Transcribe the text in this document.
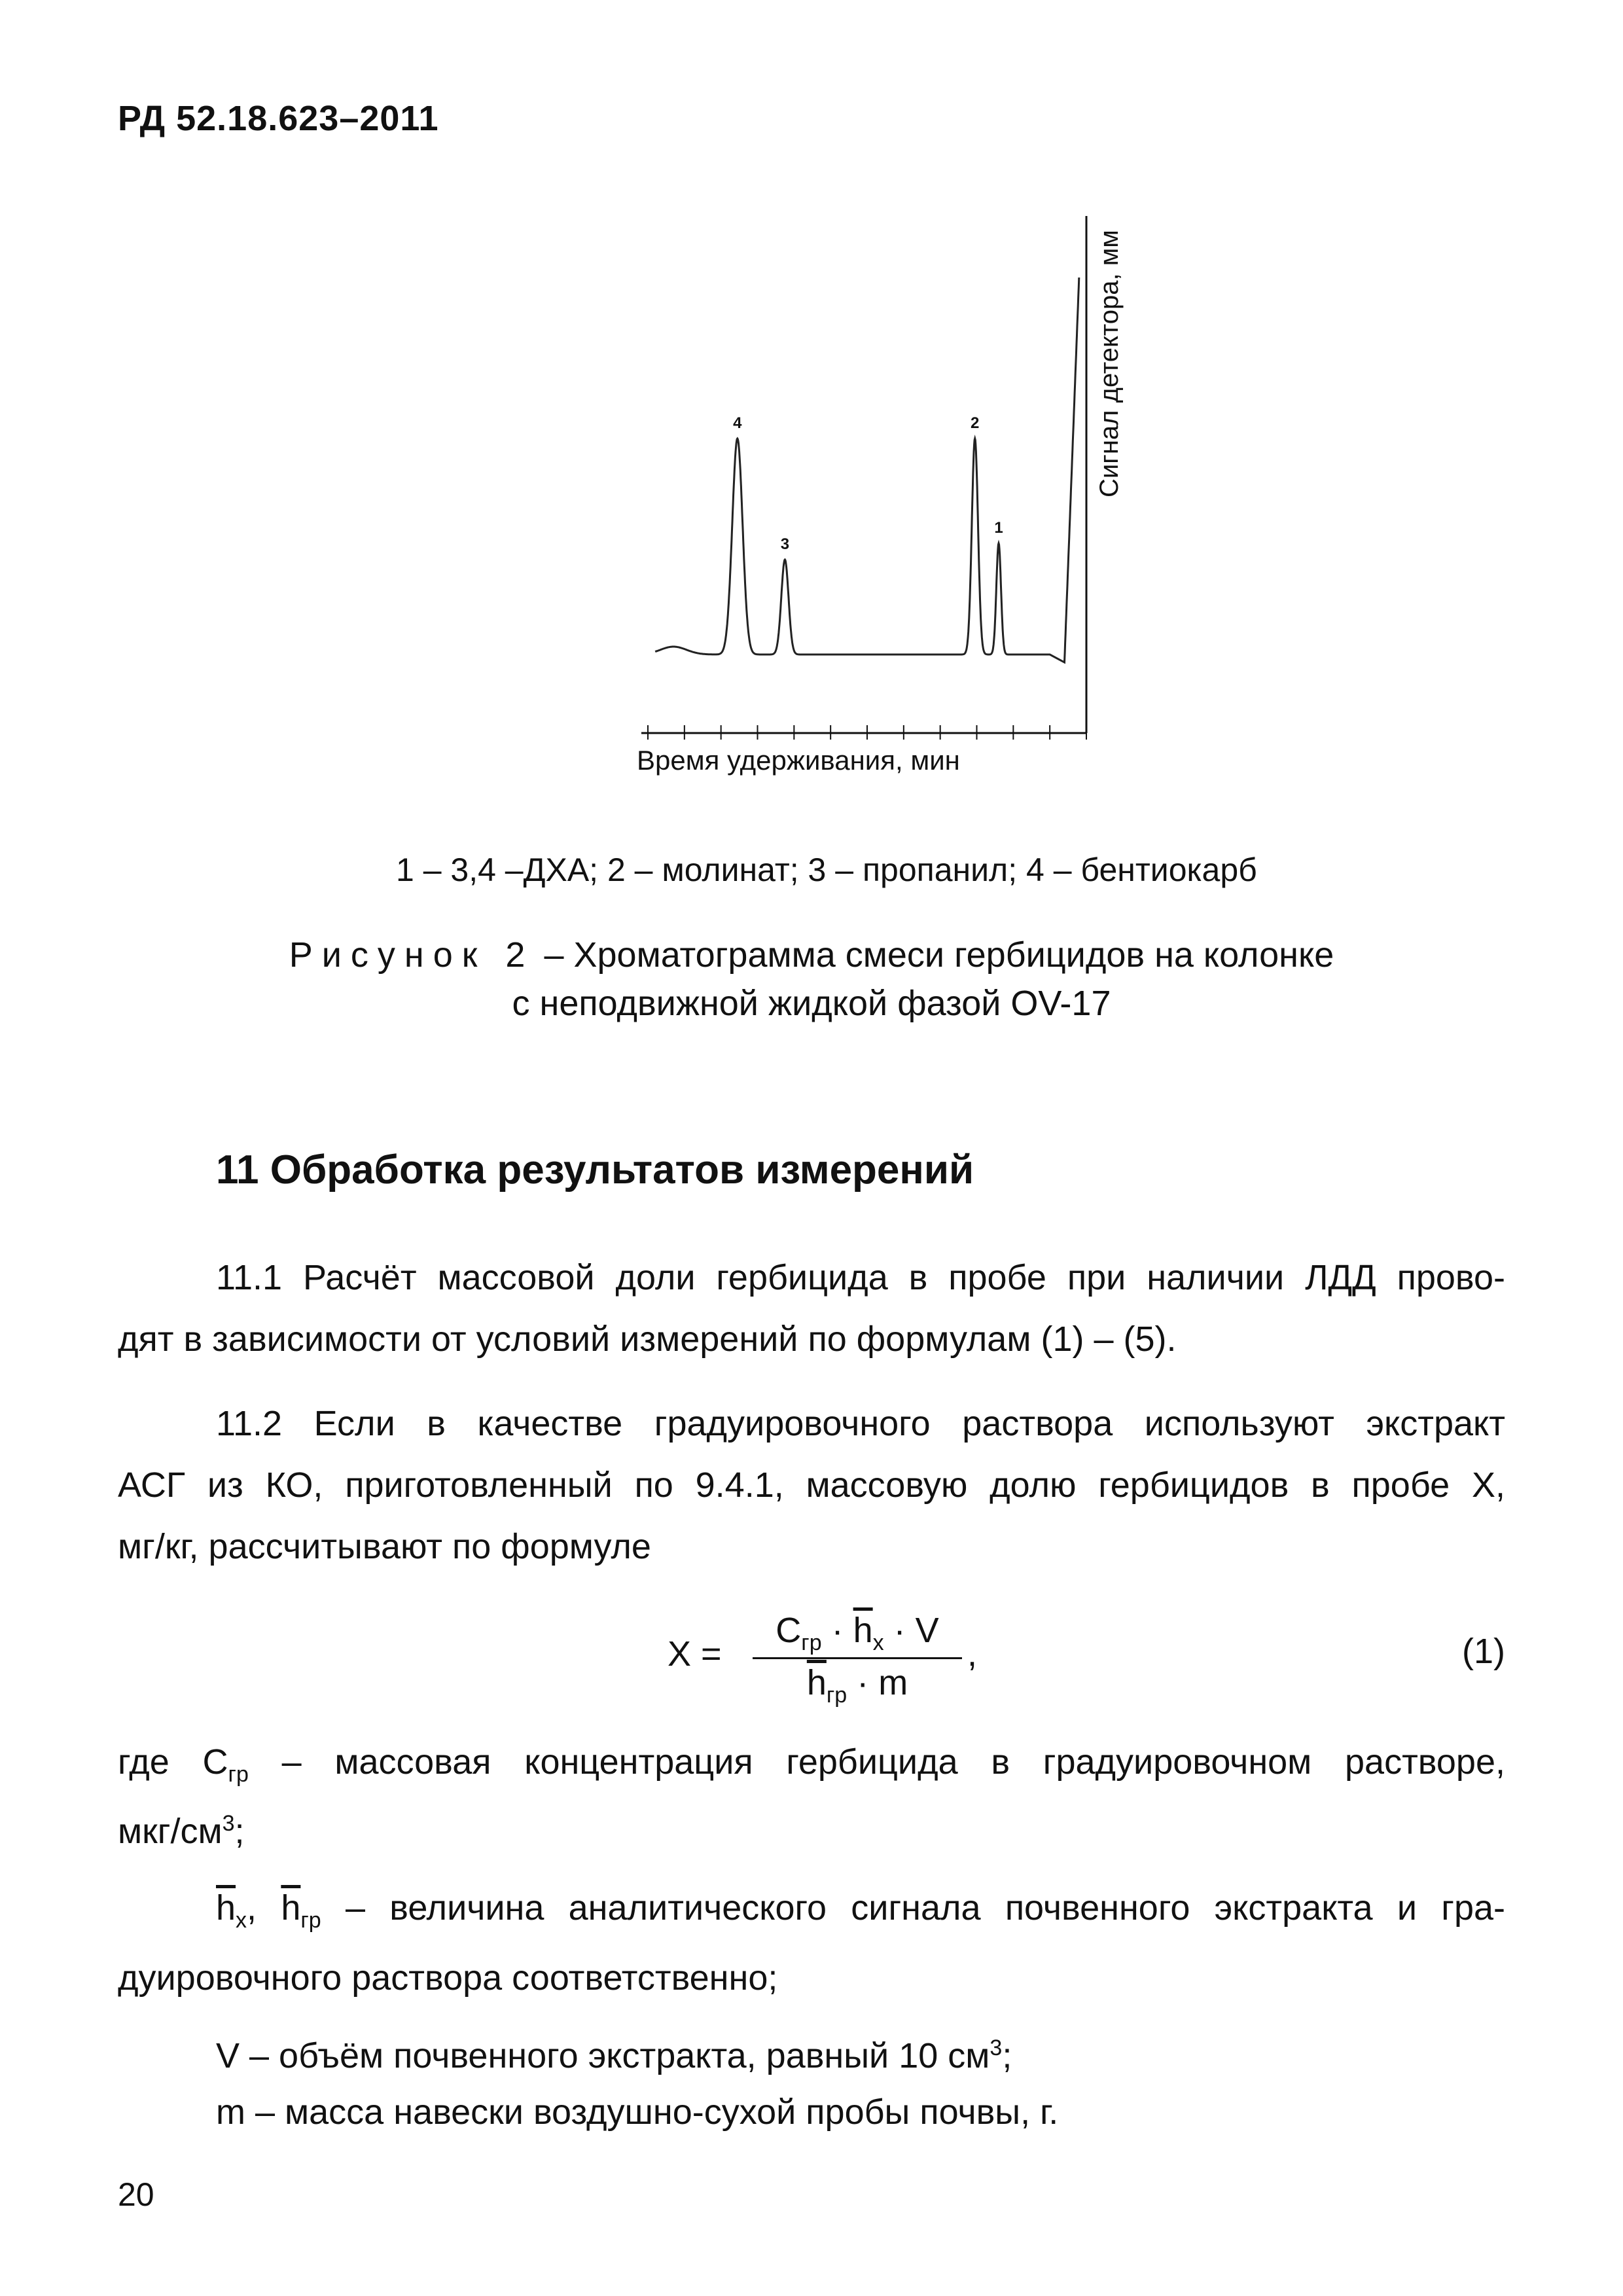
РД 52.18.623–2011
1
2
3
4	Сигнал детектора, мм
Время удерживания, мин
1 – 3,4 –ДХА; 2 – молинат; 3 – пропанил; 4 – бентиокарб
Рисунок 2 – Хроматограмма смеси гербицидов на колонке
с неподвижной жидкой фазой OV-17
11 Обработка результатов измерений
11.1 Расчёт массовой доли гербицида в пробе при наличии ЛДД прово-
дят в зависимости от условий измерений по формулам (1) – (5).
11.2 Если в качестве градуировочного раствора используют экстракт
АСГ из КО, приготовленный по 9.4.1, массовую долю гербицидов в пробе X,
мг/кг, рассчитывают по формуле
X =
$C_{гр} \cdot \overline{h}_x \cdot V$
$\overline{h}_{гр} \cdot m$
,	(1)
где $C_{гр}$ – массовая концентрация гербицида в градуировочном растворе,
мкг/$см^3$;
$\overline{h}_x$, $\overline{h}_{гр}$ – величина аналитического сигнала почвенного экстракта и гра-
дуировочного раствора соответственно;
V – объём почвенного экстракта, равный 10 $см^3$;
m – масса навески воздушно-сухой пробы почвы, г.
20
